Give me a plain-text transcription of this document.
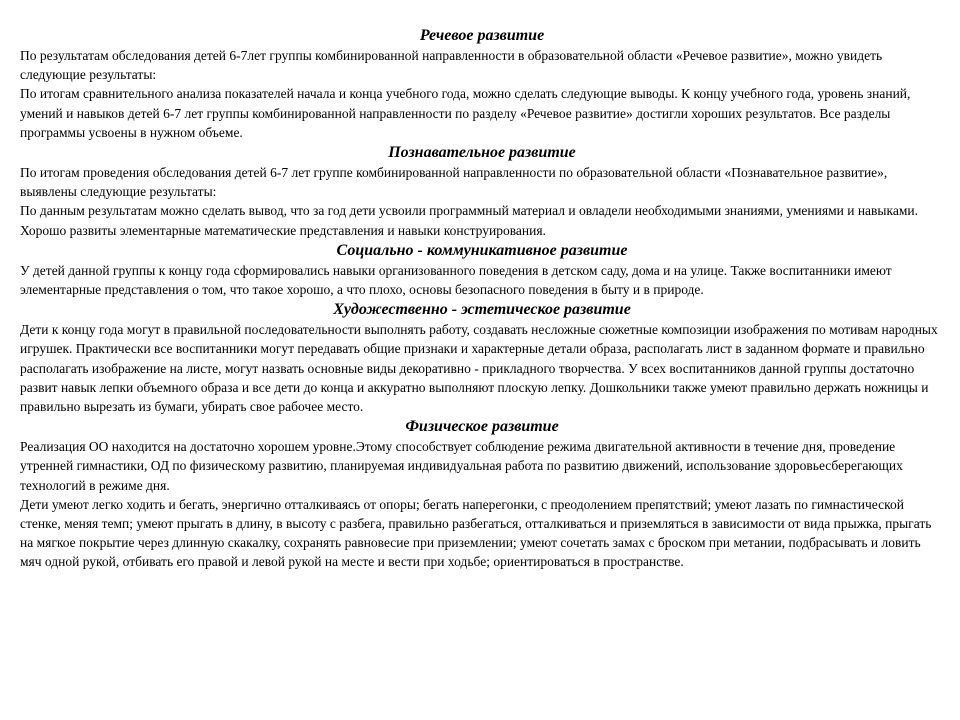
Речевое развитие

По результатам обследования детей 6-7лет группы комбинированной направленности в образовательной области «Речевое развитие», можно увидеть следующие результаты:

По итогам сравнительного анализа показателей начала и конца учебного года, можно сделать следующие выводы. К концу учебного года, уровень знаний, умений и навыков детей 6-7 лет группы комбинированной направленности по разделу «Речевое развитие» достигли хороших результатов. Все разделы программы усвоены в нужном объеме.

Познавательное развитие

По итогам проведения обследования детей 6-7 лет группе комбинированной направленности по образовательной области «Познавательное развитие», выявлены следующие результаты:

По данным результатам можно сделать вывод, что за год дети усвоили программный материал и овладели необходимыми знаниями, умениями и навыками. Хорошо развиты элементарные математические представления и навыки конструирования.

Социально - коммуникативное развитие

У детей данной группы к концу года сформировались навыки организованного поведения в детском саду, дома и на улице. Также воспитанники имеют элементарные представления о том, что такое хорошо, а что плохо, основы безопасного поведения в быту и в природе.

Художественно - эстетическое развитие

Дети к концу года могут в правильной последовательности выполнять работу, создавать несложные сюжетные композиции изображения по мотивам народных игрушек. Практически все воспитанники могут передавать общие признаки и характерные детали образа, располагать лист в заданном формате и правильно располагать изображение на листе, могут назвать основные виды декоративно - прикладного творчества. У всех воспитанников данной группы достаточно развит навык лепки объемного образа и все дети до конца и аккуратно выполняют плоскую лепку. Дошкольники также умеют правильно держать ножницы и правильно вырезать из бумаги, убирать свое рабочее место.

Физическое развитие

Реализация ОО находится на достаточно хорошем уровне.Этому способствует соблюдение режима двигательной активности в течение дня, проведение утренней гимнастики, ОД по физическому развитию, планируемая индивидуальная работа по развитию движений, использование здоровьесберегающих технологий в режиме дня.

Дети умеют легко ходить и бегать, энергично отталкиваясь от опоры; бегать наперегонки, с преодолением препятствий; умеют лазать по гимнастической стенке, меняя темп; умеют прыгать в длину, в высоту с разбега, правильно разбегаться, отталкиваться и приземляться в зависимости от вида прыжка, прыгать на мягкое покрытие через длинную скакалку, сохранять равновесие при приземлении; умеют сочетать замах с броском при метании, подбрасывать и ловить мяч одной рукой, отбивать его правой и левой рукой на месте и вести при ходьбе; ориентироваться в пространстве.
